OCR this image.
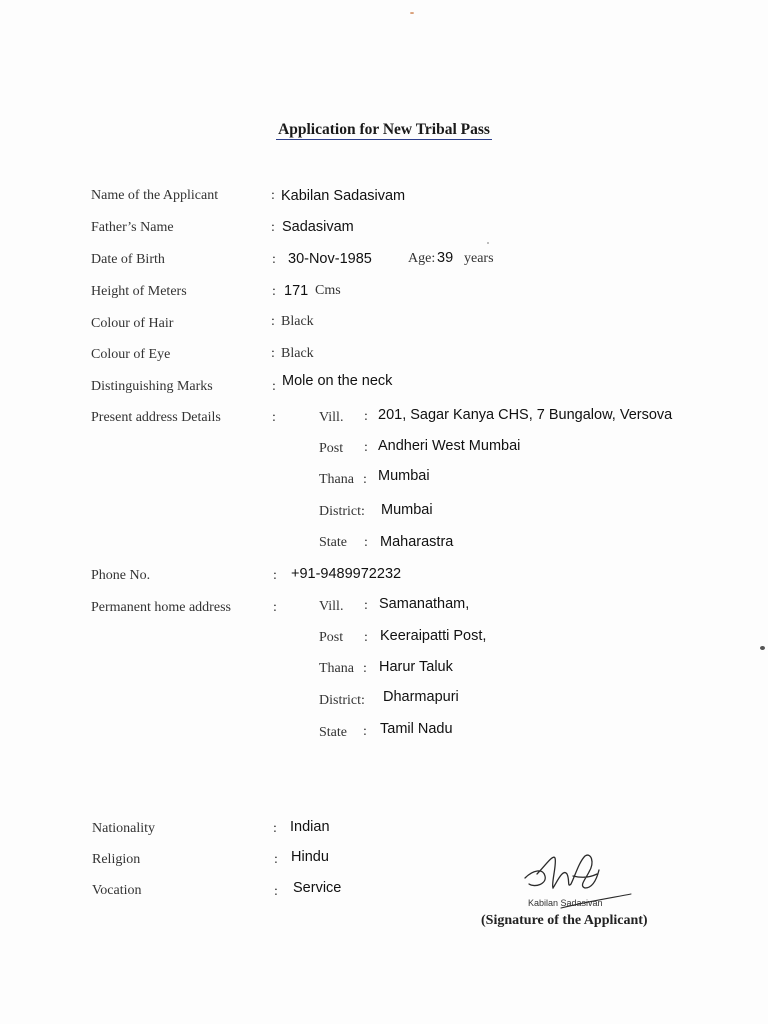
Application for New Tribal Pass
Name of the Applicant	: Kabilan Sadasivam
Father’s Name	: Sadasivam
Date of Birth	: 30-Nov-1985	Age: 39 years
Height of Meters	: 171 Cms
Colour of Hair	: Black
Colour of Eye	: Black
Distinguishing Marks	: Mole on the neck
Present address Details	:	Vill. : 201, Sagar Kanya CHS, 7 Bungalow, Versova
Post : Andheri West Mumbai
Thana : Mumbai
District: Mumbai
State : Maharastra
Phone No.	: +91-9489972232
Permanent home address	:	Vill. : Samanatham,
Post : Keeraipatti Post,
Thana : Harur Taluk
District: Dharmapuri
State : Tamil Nadu
Nationality	: Indian
Religion	: Hindu
Vocation	: Service
Kabilan Sadasivan
(Signature of the Applicant)
